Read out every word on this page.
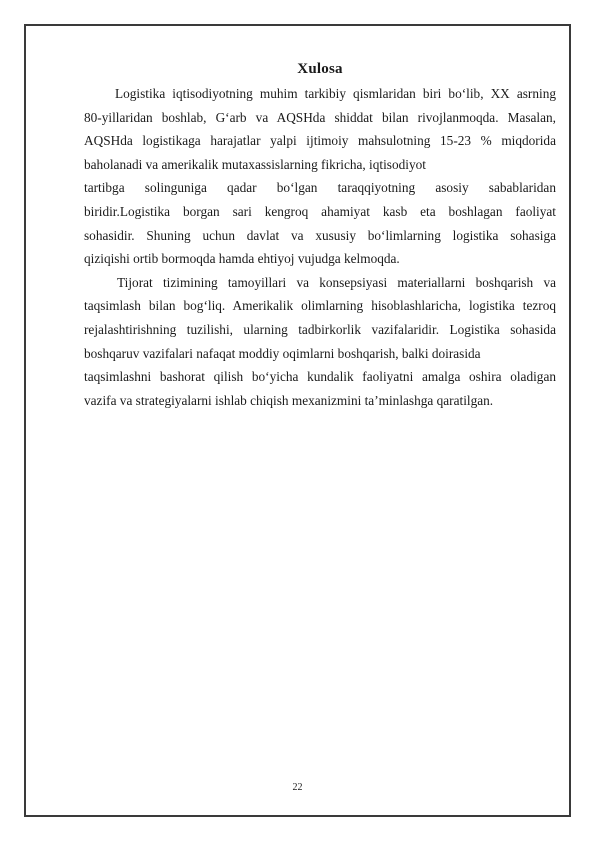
Xulosa
Logistika iqtisodiyotning muhim tarkibiy qismlaridan biri bo‘lib, XX asrning
80-yillaridan boshlab, G‘arb va AQSHda shiddat bilan rivojlanmoqda. Masalan,
AQSHda logistikaga harajatlar yalpi ijtimoiy mahsulotning 15-23 % miqdorida
baholanadi va amerikalik mutaxassislarning fikricha, iqtisodiyot
tartibga solinguniga qadar bo‘lgan taraqqiyotning asosiy sabablaridan
biridir.Logistika borgan sari kengroq ahamiyat kasb eta boshlagan faoliyat
sohasidir. Shuning uchun davlat va xususiy bo‘limlarning logistika sohasiga
qiziqishi ortib bormoqda hamda ehtiyoj vujudga kelmoqda.
Tijorat tizimining tamoyillari va konsepsiyasi materiallarni boshqarish va
taqsimlash bilan bog‘liq. Amerikalik olimlarning hisoblashlaricha, logistika tezroq
rejalashtirishning tuzilishi, ularning tadbirkorlik vazifalaridir. Logistika sohasida
boshqaruv vazifalari nafaqat moddiy oqimlarni boshqarish, balki doirasida
taqsimlashni bashorat qilish bo‘yicha kundalik faoliyatni amalga oshira oladigan
vazifa va strategiyalarni ishlab chiqish mexanizmini ta’minlashga qaratilgan.
22
